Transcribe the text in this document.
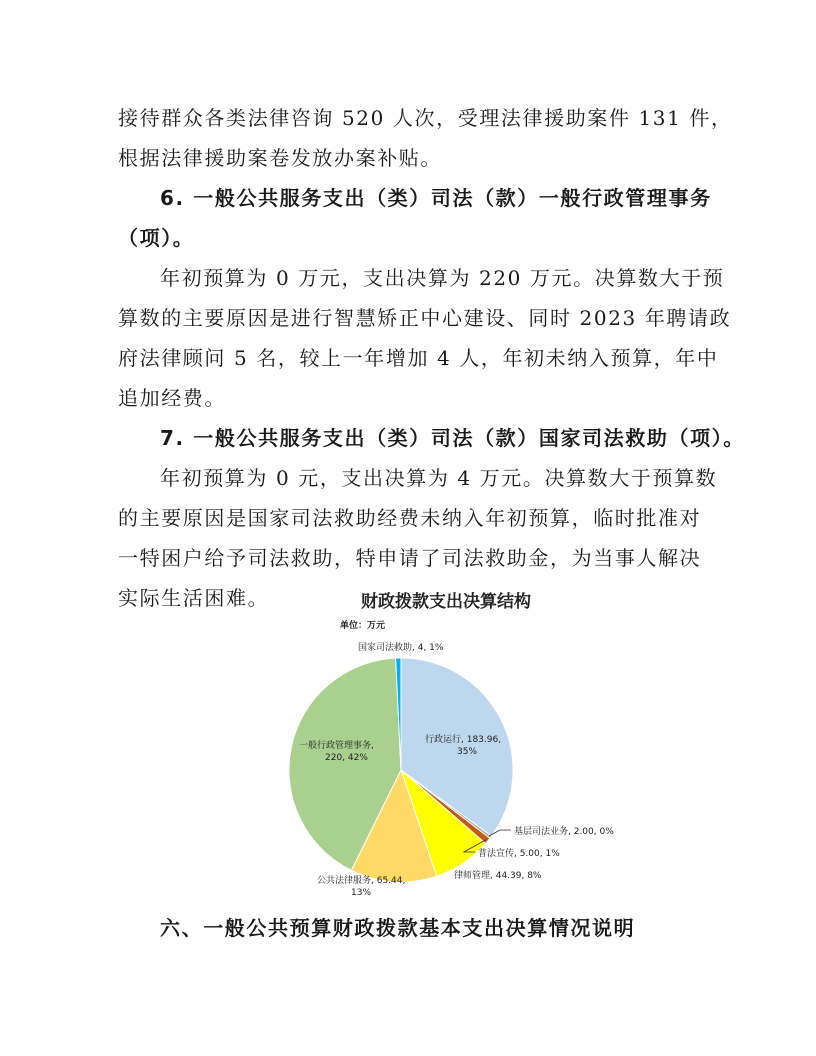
接待群众各类法律咨询 520 人次，受理法律援助案件 131 件，
根据法律援助案卷发放办案补贴。
6. 一般公共服务支出（类）司法（款）一般行政管理事务
（项）。
年初预算为 0 万元，支出决算为 220 万元。决算数大于预
算数的主要原因是进行智慧矫正中心建设、同时 2023 年聘请政
府法律顾问 5 名，较上一年增加 4 人，年初未纳入预算，年中
追加经费。
7. 一般公共服务支出（类）司法（款）国家司法救助（项）。
年初预算为 0 元，支出决算为 4 万元。决算数大于预算数
的主要原因是国家司法救助经费未纳入年初预算，临时批准对
一特困户给予司法救助，特申请了司法救助金，为当事人解决
实际生活困难。	财政拨款支出决算结构
单位：万元
行政运行, 183.96,
35%
基层司法业务, 2.00, 0%
普法宣传, 5.00, 1%
律师管理, 44.39, 8%
公共法律服务, 65.44,
13%
一般行政管理事务,
220, 42%
国家司法救助, 4, 1%
六、一般公共预算财政拨款基本支出决算情况说明
